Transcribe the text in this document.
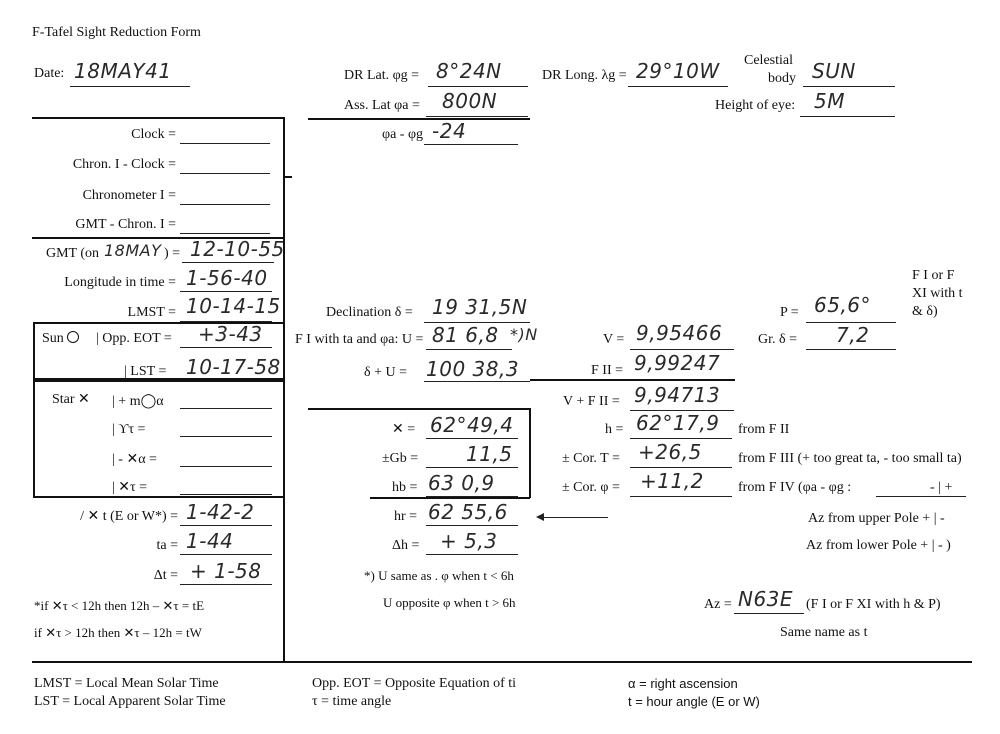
F-Tafel Sight Reduction Form
Date: 18MAY41	DR Lat. φg = 8°24N	DR Long. λg = 29°10W Celestial
body SUN
Ass. Lat φa = 800N	Height of eye: 5M
φa - φg -24
Clock =
Chron. I - Clock =
Chronometer I =
GMT - Chron. I =
GMT (on 18MAY ) = 12-10-55
Longitude in time = 1-56-40
LMST = 10-14-15
Sun	| Opp. EOT = +3-43
| LST = 10-17-58
Star ✕ | + m◯α
| ϒτ =
| - ✕α =
| ✕τ =
/ ✕ t (E or W*) = 1-42-2
ta = 1-44
Δt = + 1-58
*if ✕τ < 12h then 12h – ✕τ = tE
if ✕τ > 12h then ✕τ – 12h = tW
Declination δ = 19 31,5N
F I with ta and φa: U = 81 6,8 *)N
δ + U = 100 38,3
✕ = 62°49,4
±Gb = 11,5
hb = 63 0,9
hr = 62 55,6
Δh = + 5,3
*) U same as . φ when t < 6h
U opposite φ when t > 6h
V = 9,95466
F II = 9,99247
V + F II = 9,94713
h = 62°17,9 from F II
± Cor. T = +26,5	from F III (+ too great ta, - too small ta)
± Cor. φ = +11,2 from F IV (φa - φg :	- | +
P = 65,6°
Gr. δ = 7,2
F I or F
XI with t
& δ)
Az from upper Pole + | -
Az from lower Pole + | - )
Az = N63E (F I or F XI with h & P)
Same name as t
LMST = Local Mean Solar Time
LST = Local Apparent Solar Time
Opp. EOT = Opposite Equation of ti
τ = time angle
α = right ascension
t = hour angle (E or W)
